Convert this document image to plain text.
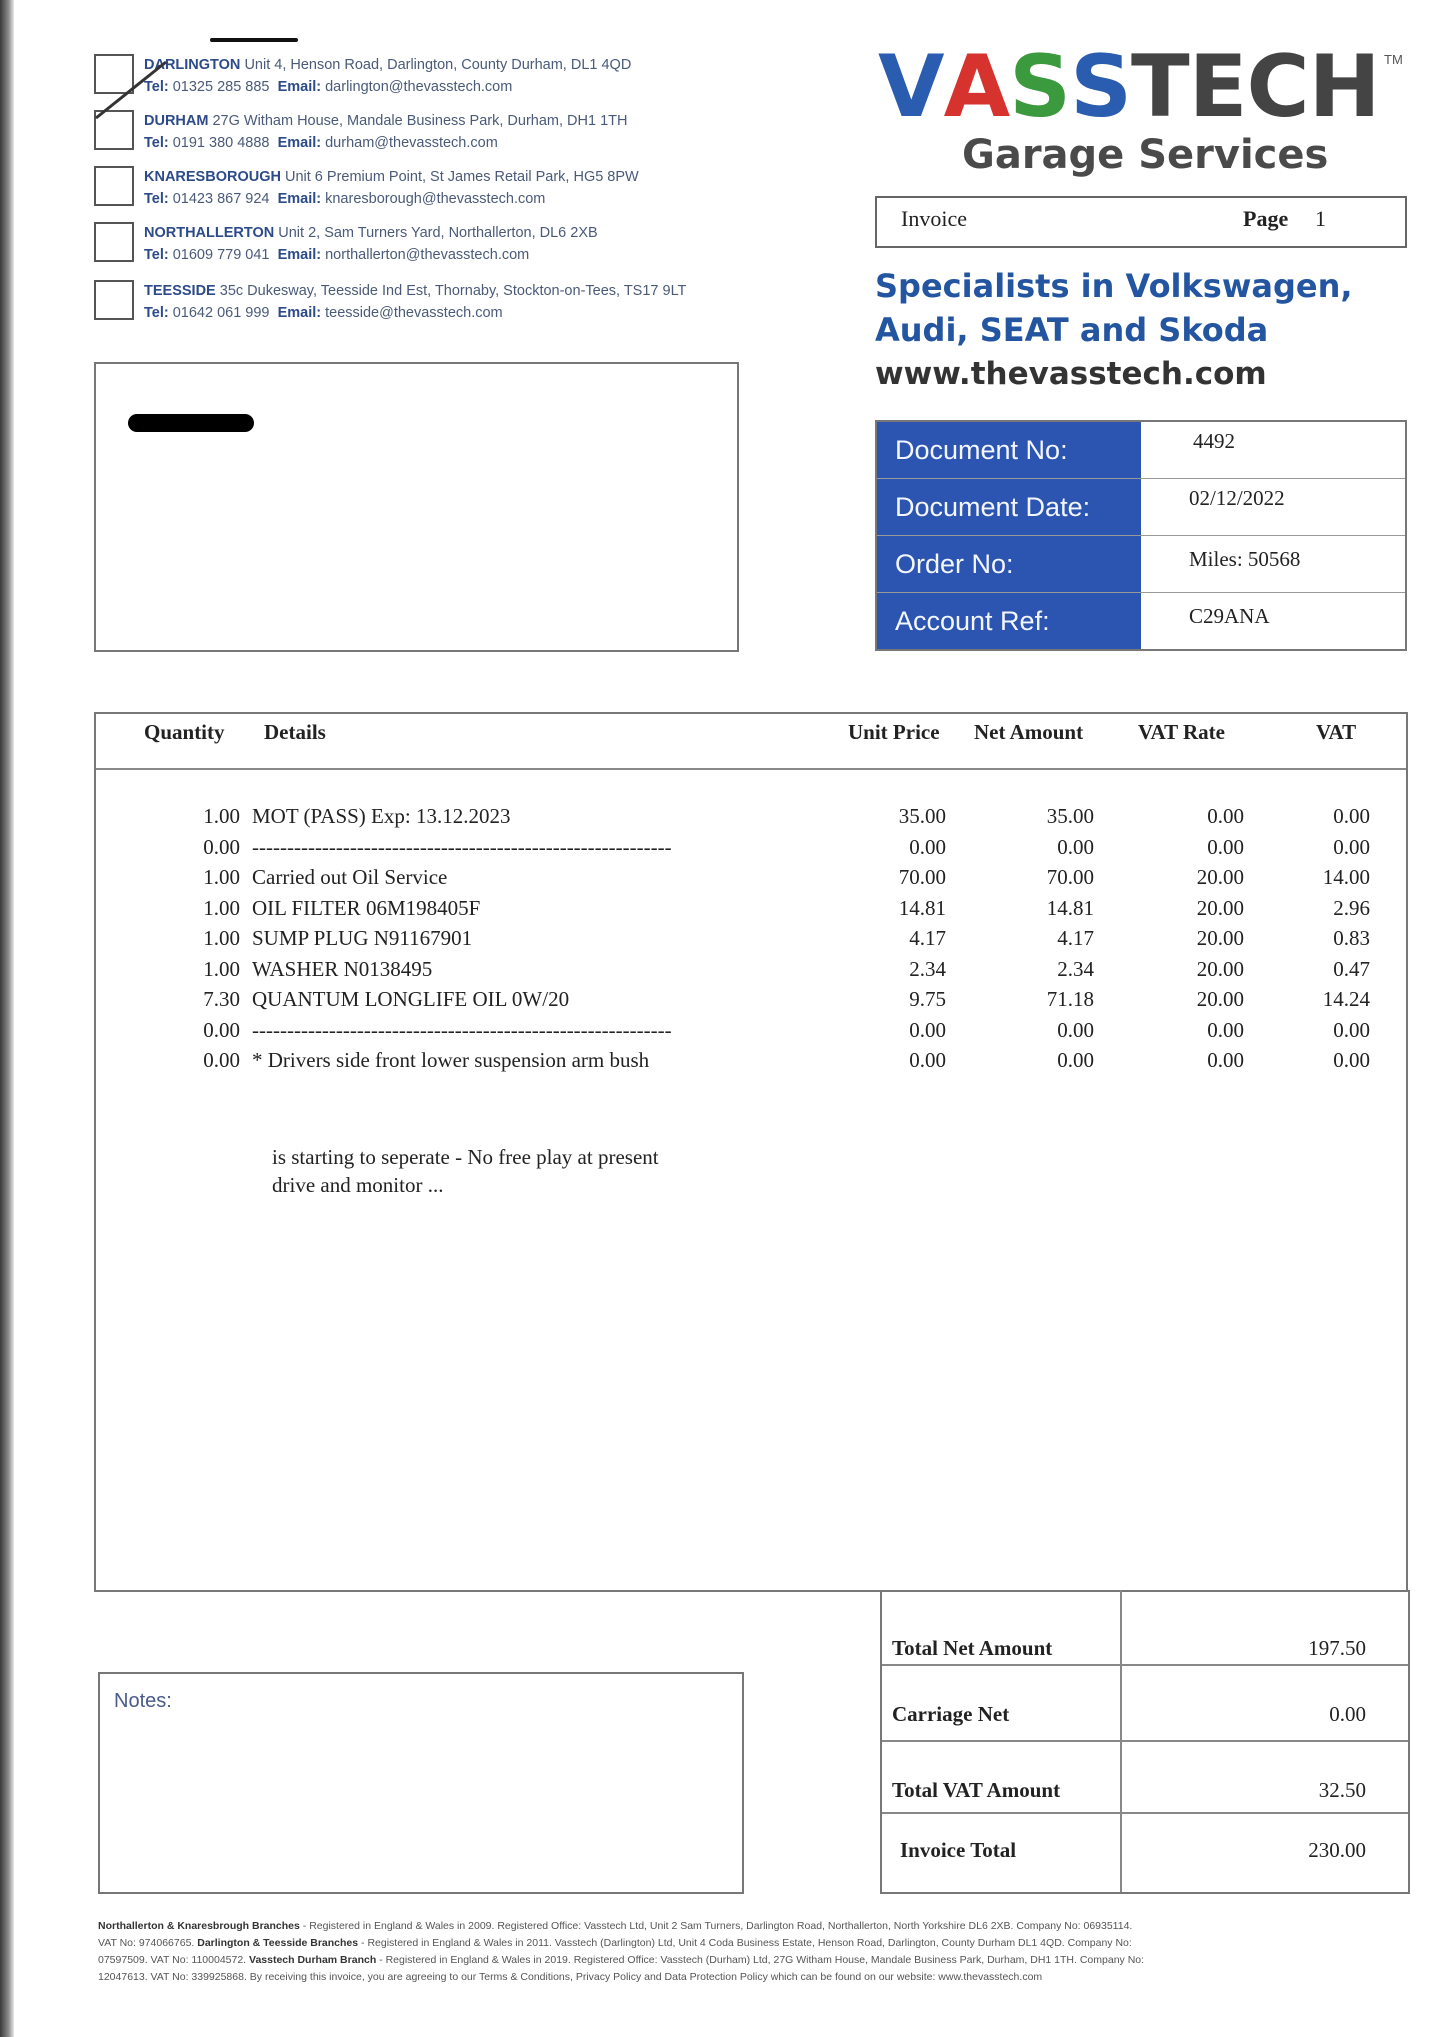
DARLINGTON Unit 4, Henson Road, Darlington, County Durham, DL1 4QD
Tel: 01325 285 885 Email: darlington@thevasstech.com
DURHAM 27G Witham House, Mandale Business Park, Durham, DH1 1TH
Tel: 0191 380 4888 Email: durham@thevasstech.com
KNARESBOROUGH Unit 6 Premium Point, St James Retail Park, HG5 8PW
Tel: 01423 867 924 Email: knaresborough@thevasstech.com
NORTHALLERTON Unit 2, Sam Turners Yard, Northallerton, DL6 2XB
Tel: 01609 779 041 Email: northallerton@thevasstech.com
TEESSIDE 35c Dukesway, Teesside Ind Est, Thornaby, Stockton-on-Tees, TS17 9LT
Tel: 01642 061 999 Email: teesside@thevasstech.com
VASSTECH TM
Garage Services
Invoice	Page 1
Specialists in Volkswagen,
Audi, SEAT and Skoda
www.thevasstech.com
Document No:	4492
Document Date:	02/12/2022
Order No:	Miles: 50568
Account Ref:	C29ANA
Quantity Details	Unit Price Net Amount	VAT Rate	VAT
1.00 MOT (PASS) Exp: 13.12.2023	35.00	35.00	0.00	0.00
0.00 ------------------------------------------------------------	0.00	0.00	0.00	0.00
1.00 Carried out Oil Service	70.00	70.00	20.00	14.00
1.00 OIL FILTER 06M198405F	14.81	14.81	20.00	2.96
1.00 SUMP PLUG N91167901	4.17	4.17	20.00	0.83
1.00 WASHER N0138495	2.34	2.34	20.00	0.47
7.30 QUANTUM LONGLIFE OIL 0W/20	9.75	71.18	20.00	14.24
0.00 ------------------------------------------------------------	0.00	0.00	0.00	0.00
0.00 * Drivers side front lower suspension arm bush	0.00	0.00	0.00	0.00
is starting to seperate - No free play at present
drive and monitor ...
Total Net Amount	197.50
Carriage Net	0.00
Total VAT Amount	32.50
Invoice Total	230.00
Notes:
Northallerton & Knaresbrough Branches - Registered in England & Wales in 2009. Registered Office: Vasstech Ltd, Unit 2 Sam Turners, Darlington Road, Northallerton, North Yorkshire DL6 2XB. Company No: 06935114.
VAT No: 974066765. Darlington & Teesside Branches - Registered in England & Wales in 2011. Vasstech (Darlington) Ltd, Unit 4 Coda Business Estate, Henson Road, Darlington, County Durham DL1 4QD. Company No:
07597509. VAT No: 110004572. Vasstech Durham Branch - Registered in England & Wales in 2019. Registered Office: Vasstech (Durham) Ltd, 27G Witham House, Mandale Business Park, Durham, DH1 1TH. Company No:
12047613. VAT No: 339925868. By receiving this invoice, you are agreeing to our Terms & Conditions, Privacy Policy and Data Protection Policy which can be found on our website: www.thevasstech.com
